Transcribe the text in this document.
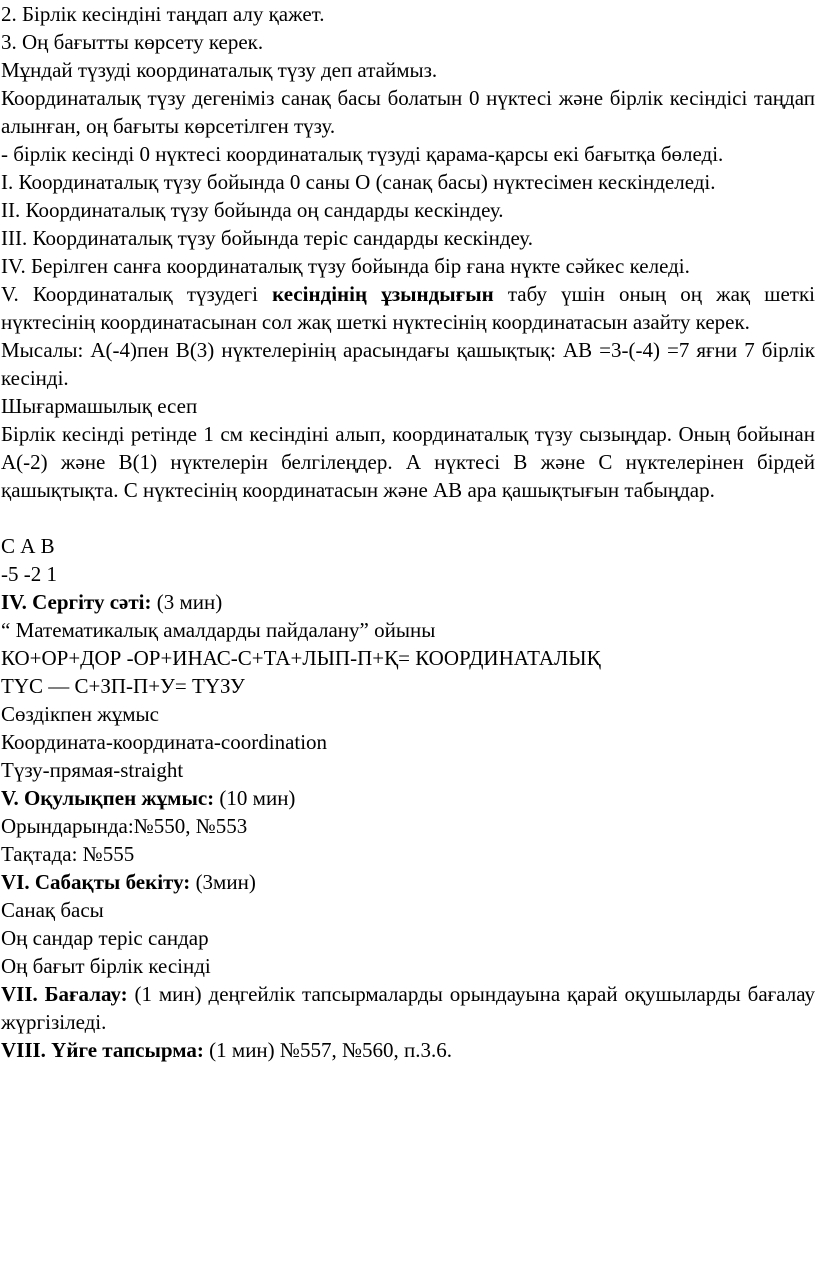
2. Бірлік кесіндіні таңдап алу қажет.
3. Оң бағытты көрсету керек.
Мұндай түзуді координаталық түзу деп атаймыз.

Координаталық түзу дегеніміз санақ басы болатын 0 нүктесі және бірлік кесіндісі таңдап алынған, оң бағыты көрсетілген түзу.

- бірлік кесінді 0 нүктесі координаталық түзуді қарама-қарсы екі бағытқа бөледі.

I. Координаталық түзу бойында 0 саны О (санақ басы) нүктесімен кескінделеді.

II. Координаталық түзу бойында оң сандарды кескіндеу.
III. Координаталық түзу бойында теріс сандарды кескіндеу.
IV. Берілген санға координаталық түзу бойында бір ғана нүкте сәйкес келеді.

V. Координаталық түзудегі кесіндінің ұзындығын табу үшін оның оң жақ шеткі нүктесінің координатасынан сол жақ шеткі нүктесінің координатасын азайту керек.

Мысалы: А(-4)пен В(3) нүктелерінің арасындағы қашықтық: АВ =3-(-4) =7 яғни 7 бірлік кесінді.

Шығармашылық есеп

Бірлік кесінді ретінде 1 см кесіндіні алып, координаталық түзу сызыңдар. Оның бойынан А(-2) және В(1) нүктелерін белгілеңдер. А нүктесі В және С нүктелерінен бірдей қашықтықта. С нүктесінің координатасын және АВ ара қашықтығын табыңдар.

С А В
-5 -2 1
IV. Сергіту сәті: (3 мин)
“ Математикалық амалдарды пайдалану” ойыны
КО+ОР+ДОР -ОР+ИНАС-С+ТА+ЛЫП-П+Қ= КООРДИНАТАЛЫҚ
ТҮС — С+ЗП-П+У= ТҮЗУ
Сөздікпен жұмыс
Координата-координата-coordination
Түзу-прямая-straight
V. Оқулықпен жұмыс: (10 мин)
Орындарында:№550, №553
Тақтада: №555
VI. Сабақты бекіту: (3мин)
Санақ басы
Оң сандар теріс сандар
Оң бағыт бірлік кесінді

VII. Бағалау: (1 мин) деңгейлік тапсырмаларды орындауына қарай оқушыларды бағалау жүргізіледі.

VIII. Үйге тапсырма: (1 мин) №557, №560, п.3.6.
